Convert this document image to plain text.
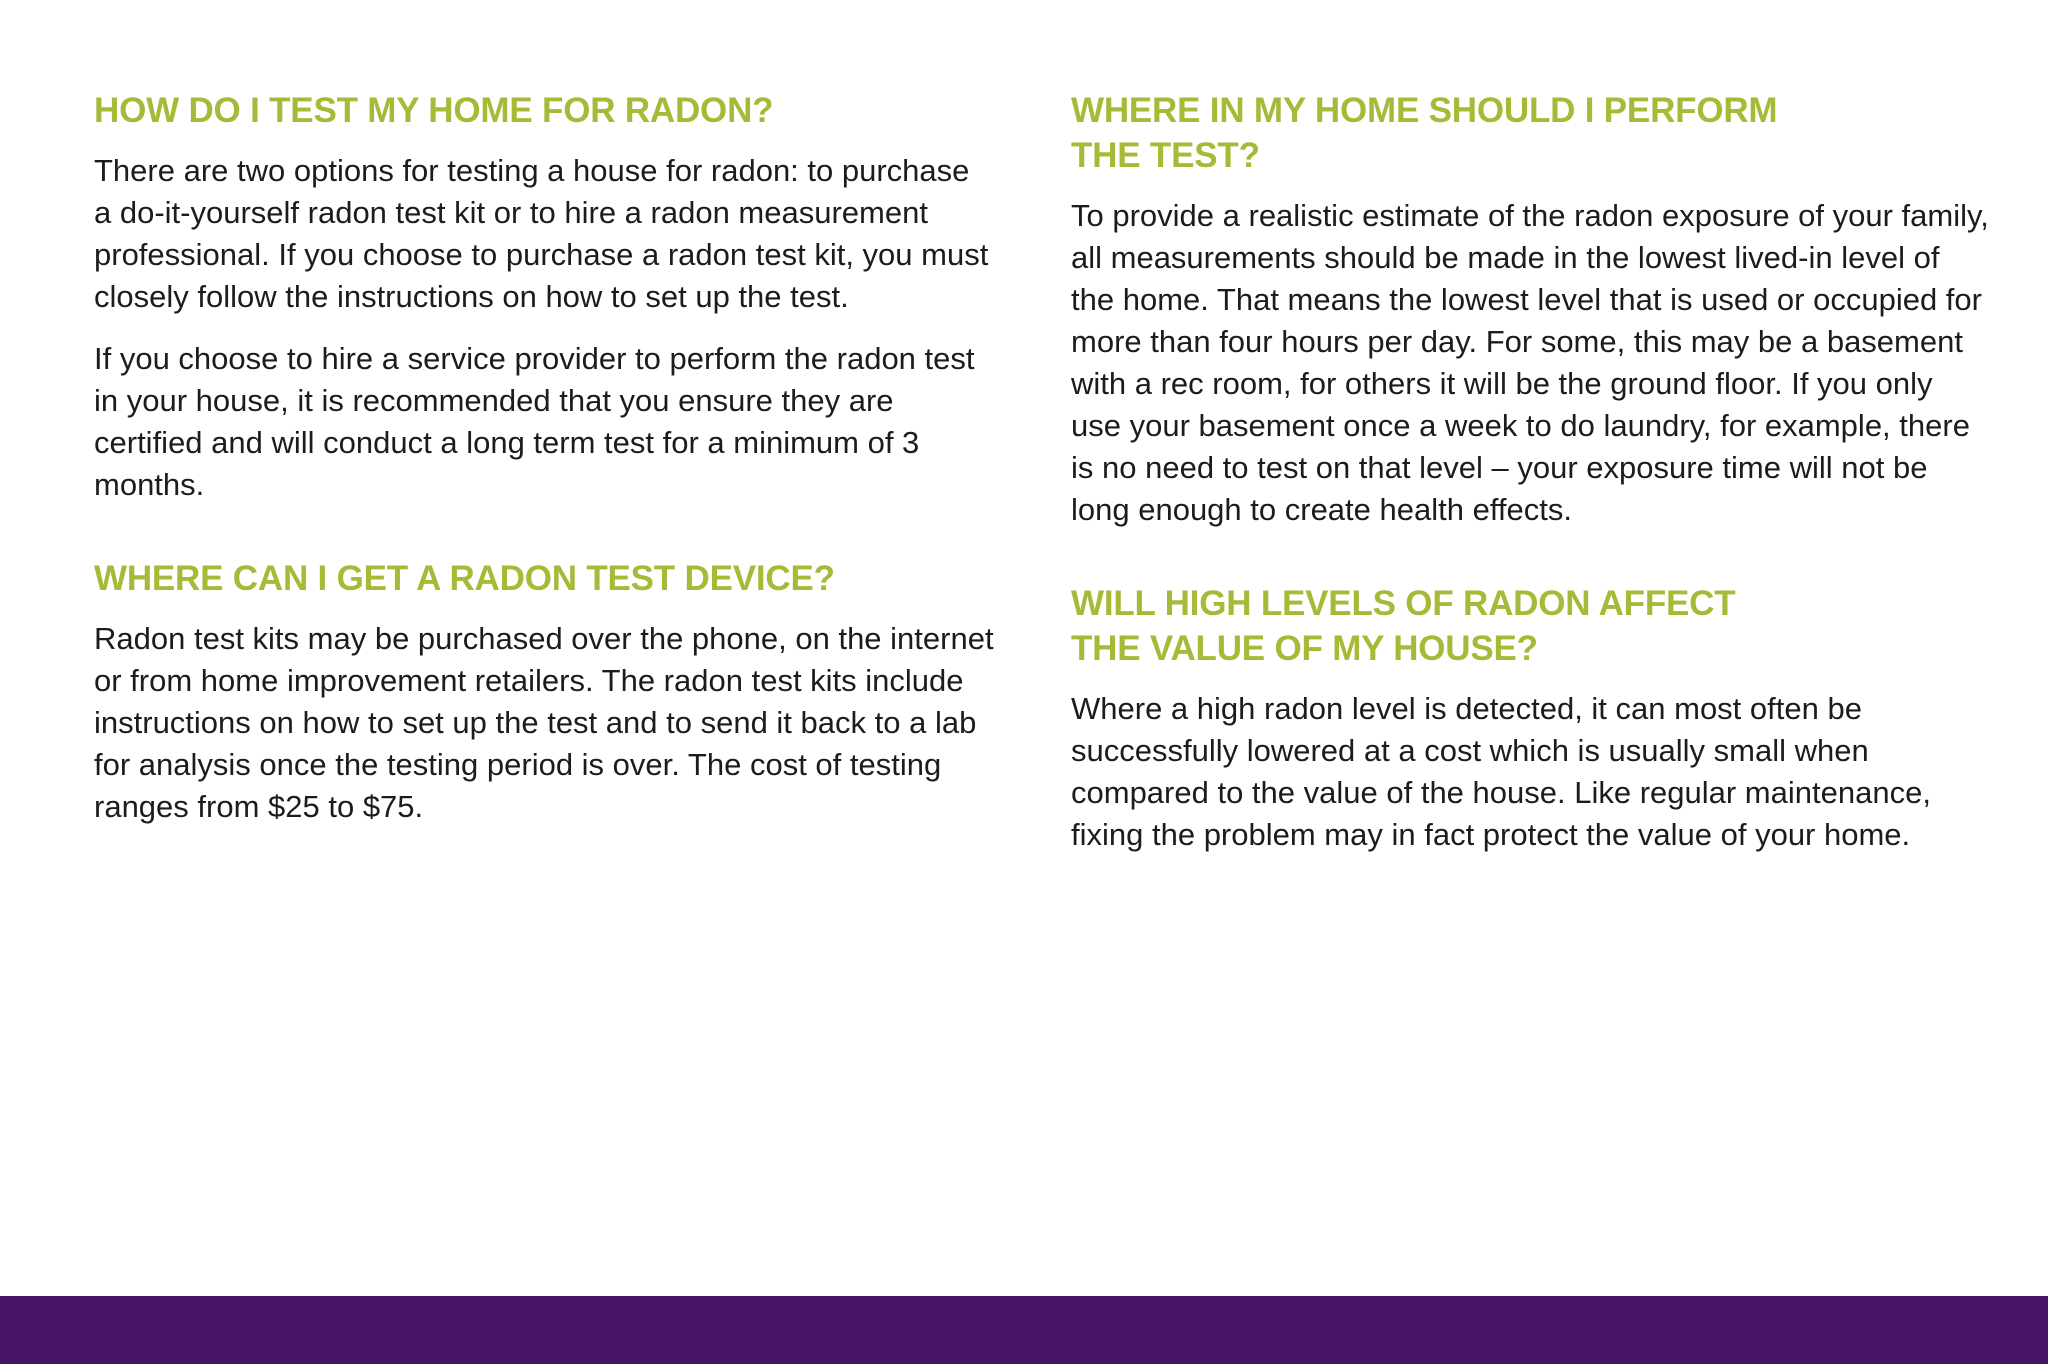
HOW DO I TEST MY HOME FOR RADON?

There are two options for testing a house for radon: to purchase a do-it-yourself radon test kit or to hire a radon measurement professional. If you choose to purchase a radon test kit, you must closely follow the instructions on how to set up the test.

If you choose to hire a service provider to perform the radon test in your house, it is recommended that you ensure they are certified and will conduct a long term test for a minimum of 3 months.

WHERE CAN I GET A RADON TEST DEVICE?

Radon test kits may be purchased over the phone, on the internet or from home improvement retailers. The radon test kits include instructions on how to set up the test and to send it back to a lab for analysis once the testing period is over. The cost of testing ranges from $25 to $75.

WHERE IN MY HOME SHOULD I PERFORM
THE TEST?

To provide a realistic estimate of the radon exposure of your family, all measurements should be made in the lowest lived-in level of the home. That means the lowest level that is used or occupied for more than four hours per day. For some, this may be a basement with a rec room, for others it will be the ground floor. If you only use your basement once a week to do laundry, for example, there is no need to test on that level – your exposure time will not be long enough to create health effects.

WILL HIGH LEVELS OF RADON AFFECT
THE VALUE OF MY HOUSE?

Where a high radon level is detected, it can most often be successfully lowered at a cost which is usually small when compared to the value of the house. Like regular maintenance, fixing the problem may in fact protect the value of your home.
